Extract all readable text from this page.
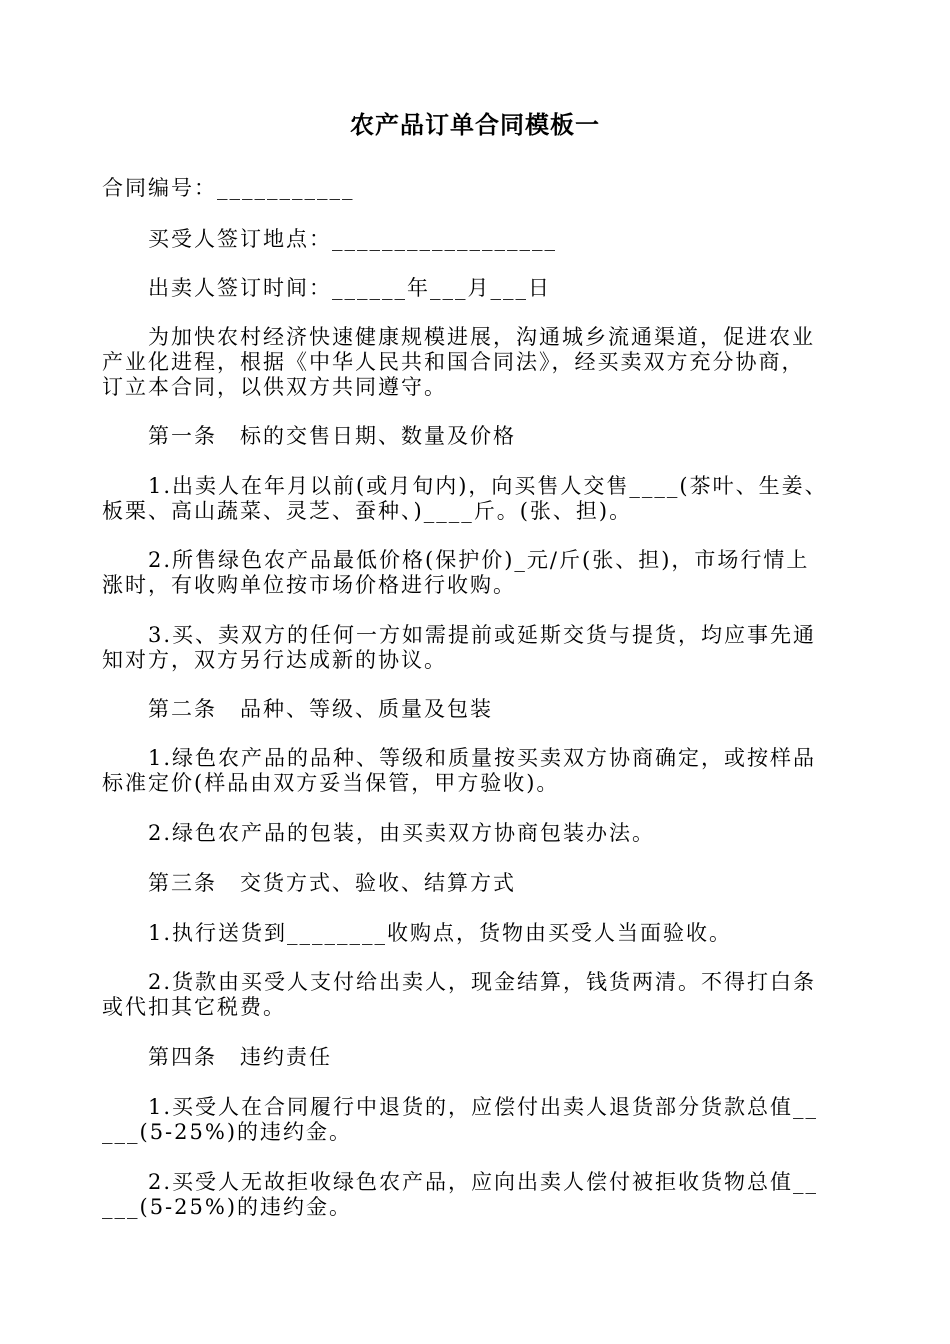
农产品订单合同模板一
合同编号：___________
买受人签订地点：__________________
出卖人签订时间：______年___月___日
为加快农村经济快速健康规模进展，沟通城乡流通渠道，促进农业
产业化进程，根据《中华人民共和国合同法》，经买卖双方充分协商，
订立本合同，以供双方共同遵守。
第一条　标的交售日期、数量及价格
1.出卖人在年月以前(或月旬内)，向买售人交售____(茶叶、生姜、
板栗、高山蔬菜、灵芝、蚕种、)____斤。(张、担)。
2.所售绿色农产品最低价格(保护价)_元/斤(张、担)，市场行情上
涨时，有收购单位按市场价格进行收购。
3.买、卖双方的任何一方如需提前或延斯交货与提货，均应事先通
知对方，双方另行达成新的协议。
第二条　品种、等级、质量及包装
1.绿色农产品的品种、等级和质量按买卖双方协商确定，或按样品
标准定价(样品由双方妥当保管，甲方验收)。
2.绿色农产品的包装，由买卖双方协商包装办法。
第三条　交货方式、验收、结算方式
1.执行送货到________收购点，货物由买受人当面验收。
2.货款由买受人支付给出卖人，现金结算，钱货两清。不得打白条
或代扣其它税费。
第四条　违约责任
1.买受人在合同履行中退货的，应偿付出卖人退货部分货款总值__
___(5-25%)的违约金。
2.买受人无故拒收绿色农产品，应向出卖人偿付被拒收货物总值__
___(5-25%)的违约金。
